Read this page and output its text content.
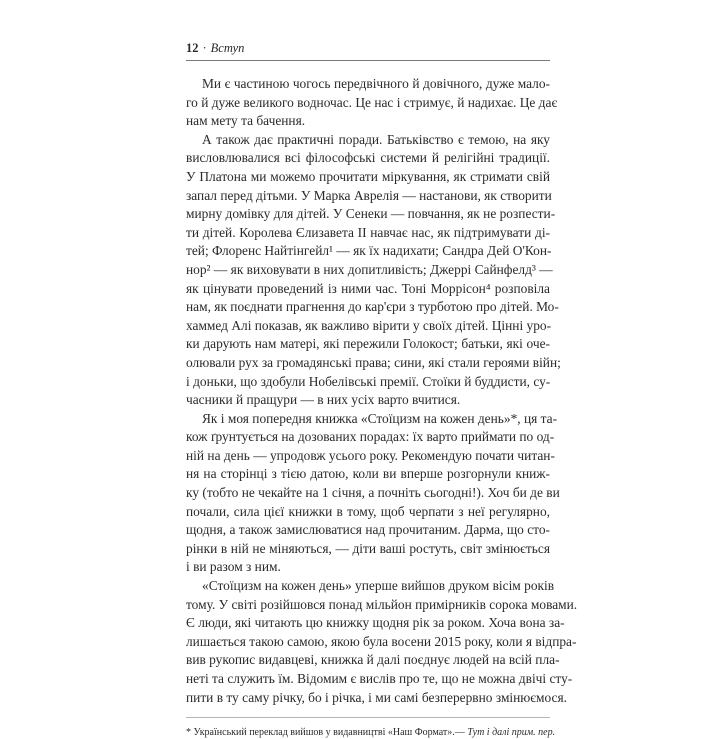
12 · Вступ
Ми є частиною чогось передвічного й довічного, дуже мало-
го й дуже великого водночас. Це нас і стримує, й надихає. Це дає
нам мету та бачення.
А також дає практичні поради. Батьківство є темою, на яку
висловлювалися всі філософські системи й релігійні традиції.
У Платона ми можемо прочитати міркування, як стримати свій
запал перед дітьми. У Марка Аврелія — настанови, як створити
мирну домівку для дітей. У Сенеки — повчання, як не розпести-
ти дітей. Королева Єлизавета II навчає нас, як підтримувати ді-
тей; Флоренс Найтінгейл¹ — як їх надихати; Сандра Дей О'Кон-
нор² — як виховувати в них допитливість; Джеррі Сайнфелд³ —
як цінувати проведений із ними час. Тоні Моррісон⁴ розповіла
нам, як поєднати прагнення до кар'єри з турботою про дітей. Мо-
хаммед Алі показав, як важливо вірити у своїх дітей. Цінні уро-
ки дарують нам матері, які пережили Голокост; батьки, які оче-
олювали рух за громадянські права; сини, які стали героями війн;
і доньки, що здобули Нобелівські премії. Стоїки й буддисти, су-
часники й пращури — в них усіх варто вчитися.
Як і моя попередня книжка «Стоїцизм на кожен день»*, ця та-
кож ґрунтується на дозованих порадах: їх варто приймати по од-
ній на день — упродовж усього року. Рекомендую почати читан-
ня на сторінці з тією датою, коли ви вперше розгорнули книж-
ку (тобто не чекайте на 1 січня, а почніть сьогодні!). Хоч би де ви
почали, сила цієї книжки в тому, щоб черпати з неї регулярно,
щодня, а також замислюватися над прочитаним. Дарма, що сто-
рінки в ній не міняються, — діти ваші ростуть, світ змінюється
і ви разом з ним.
«Стоїцизм на кожен день» уперше вийшов друком вісім років
тому. У світі розійшовся понад мільйон примірників сорока мовами.
Є люди, які читають цю книжку щодня рік за роком. Хоча вона за-
лишається такою самою, якою була восени 2015 року, коли я відпра-
вив рукопис видавцеві, книжка й далі поєднує людей на всій пла-
неті та служить їм. Відомим є вислів про те, що не можна двічі сту-
пити в ту саму річку, бо і річка, і ми самі безперервно змінюємося.
* Український переклад вийшов у видавництві «Наш Формат».— Тут і далі прим. пер.
